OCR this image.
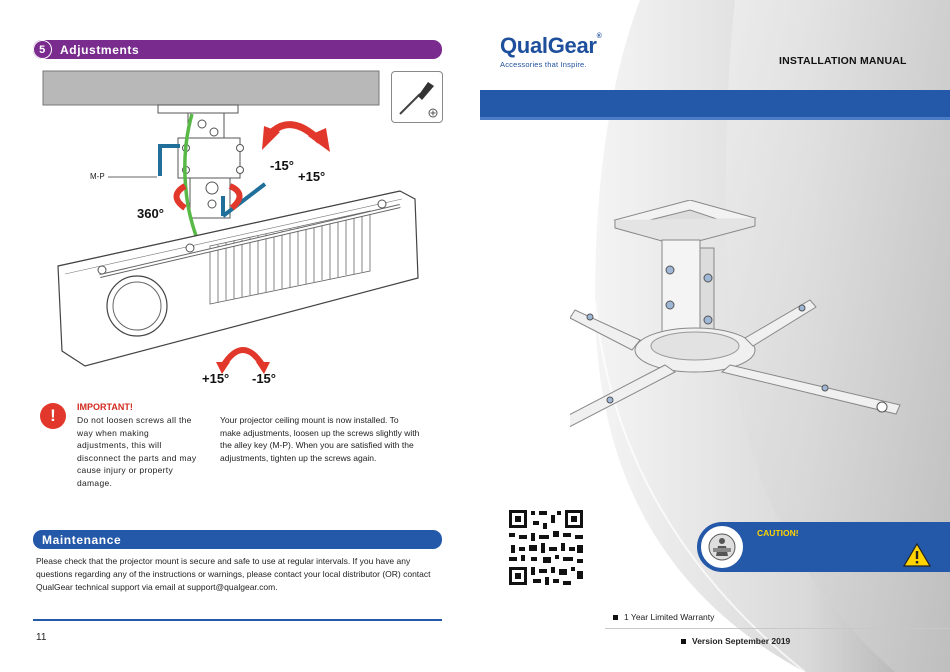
5	Adjustments
M-P
360°
-15°
+15°
+15° -15°
!	IMPORTANT!
Do not loosen screws all the way when making adjustments, this will disconnect the parts and may cause injury or property damage.
Your projector ceiling mount is now installed. To make adjustments, loosen up the screws slightly with the alley key (M-P). When you are satisfied with the adjustments, tighten up the screws again.
Maintenance
Please check that the projector mount is secure and safe to use at regular intervals. If you have any questions regarding any of the instructions or warnings, please contact your local distributor (OR) contact QualGear technical support via email at support@qualgear.com.
11
QualGear®
Accessories that Inspire.	INSTALLATION MANUAL
CAUTION!
1 Year Limited Warranty
Version September 2019
